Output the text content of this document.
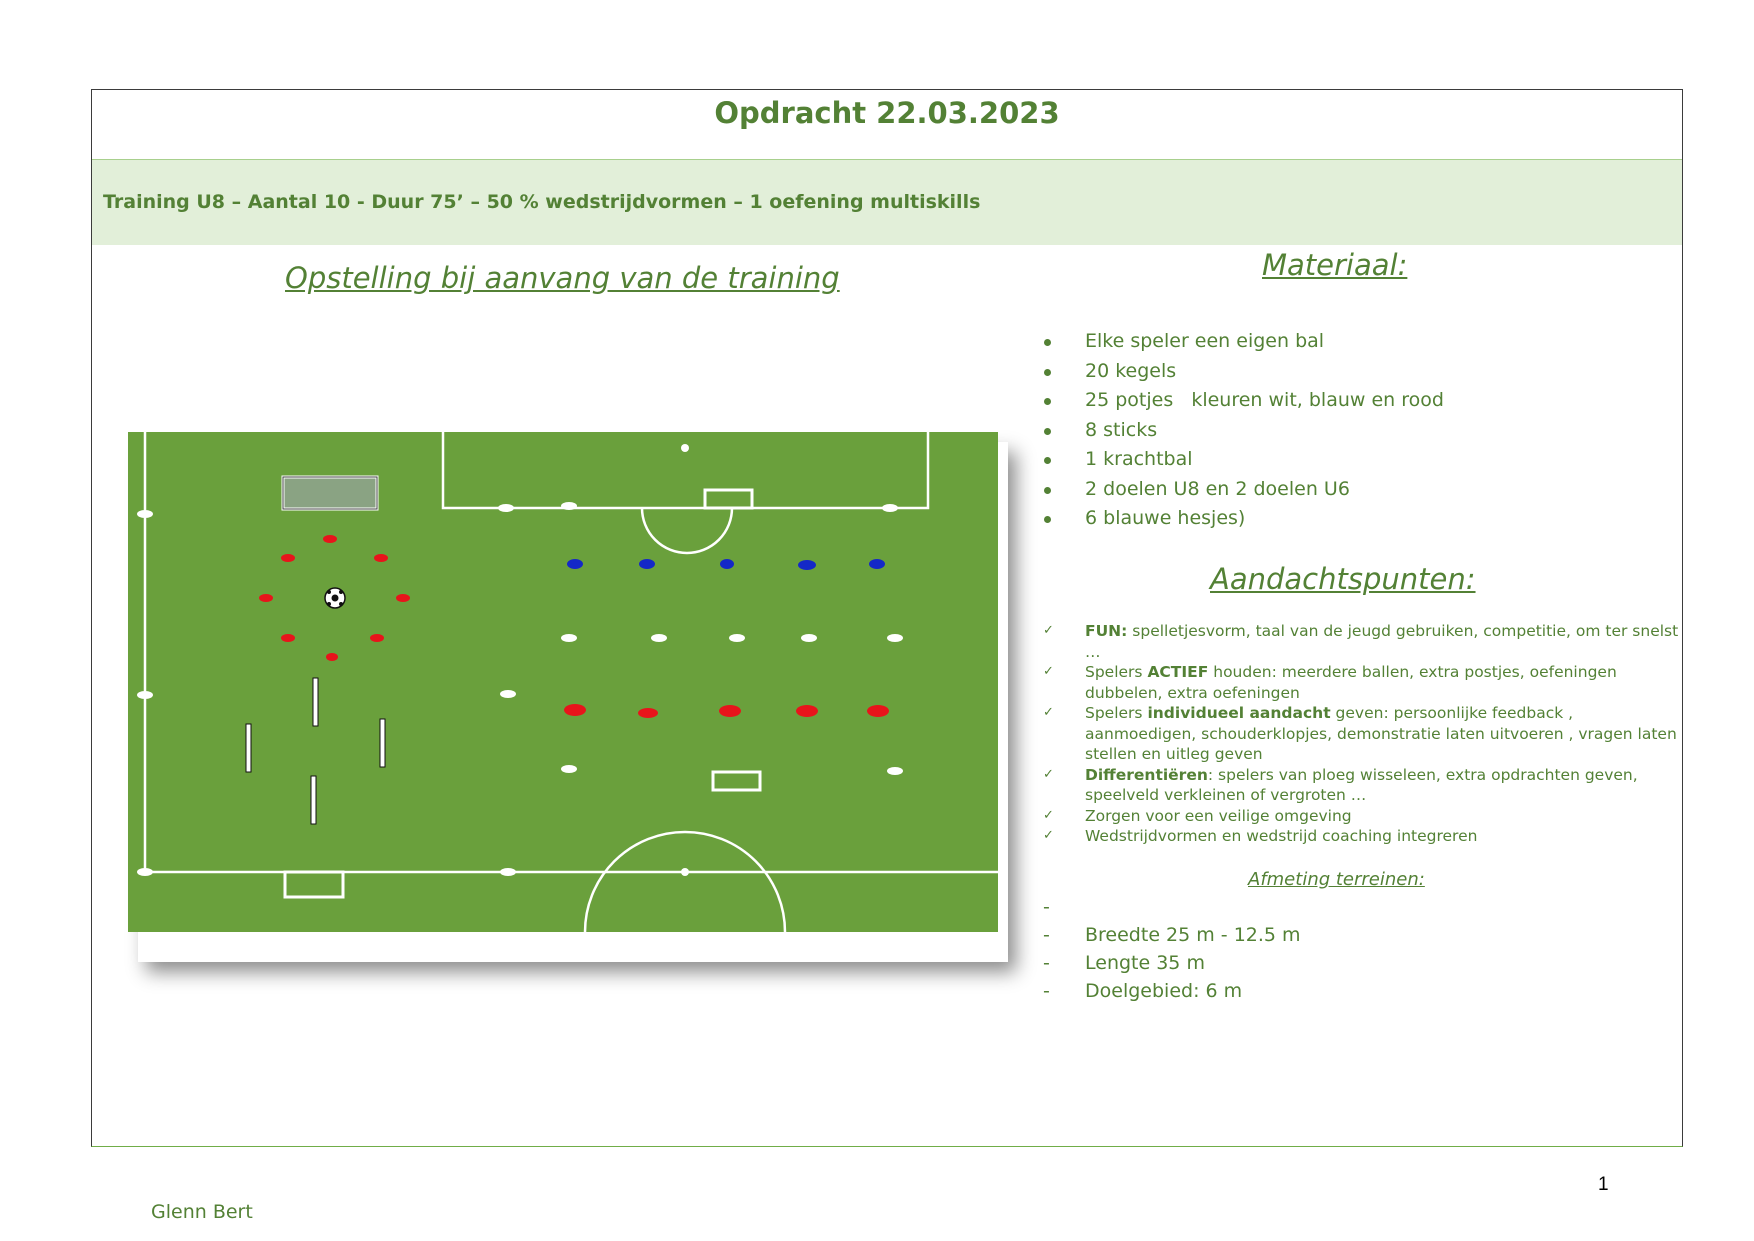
Opdracht 22.03.2023
Training U8 – Aantal 10 - Duur 75’ – 50 % wedstrijdvormen – 1 oefening multiskills
Opstelling bij aanvang van de training	Materiaal:
Aandachtspunten:
Elke speler een eigen bal
20 kegels
25 potjes   kleuren wit, blauw en rood
8 sticks
1 krachtbal
2 doelen U8 en 2 doelen U6
6 blauwe hesjes)
✓ FUN: spelletjesvorm, taal van de jeugd gebruiken, competitie, om ter snelst …
✓ Spelers ACTIEF houden: meerdere ballen, extra postjes, oefeningen dubbelen, extra oefeningen
✓ Spelers individueel aandacht geven: persoonlijke feedback , aanmoedigen, schouderklopjes, demonstratie laten uitvoeren , vragen laten stellen en uitleg geven
✓ Differentiëren: spelers van ploeg wisseleen, extra opdrachten geven, speelveld verkleinen of vergroten …
✓ Zorgen voor een veilige omgeving
✓ Wedstrijdvormen en wedstrijd coaching integreren
Afmeting terreinen:
-
- Breedte 25 m - 12.5 m
- Lengte 35 m
- Doelgebied: 6 m
1
Glenn Bert
